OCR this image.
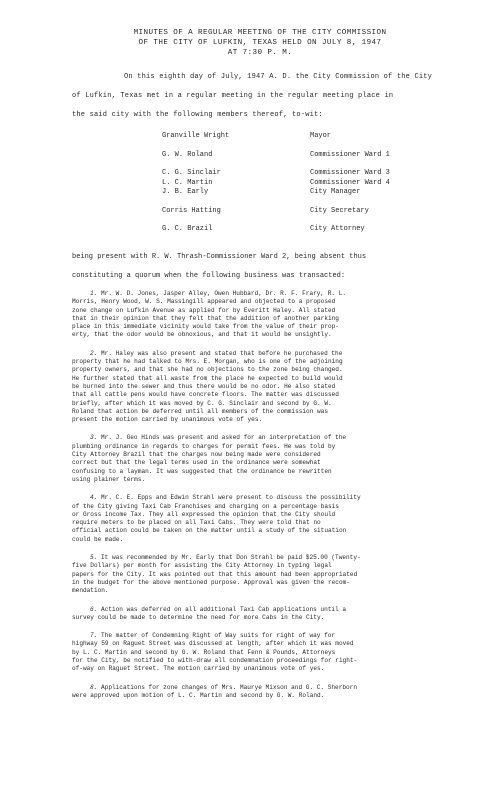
MINUTES OF A REGULAR MEETING OF THE CITY COMMISSION
OF THE CITY OF LUFKIN, TEXAS HELD ON JULY 8, 1947
AT 7:30 P. M.

On this eighth day of July, 1947 A. D. the City Commission of the City

of Lufkin, Texas met in a regular meeting in the regular meeting place in

the said city with the following members thereof, to-wit:

Granville Wright	Mayor
G. W. Roland	Commissioner Ward 1
C. G. Sinclair	Commissioner Ward 3
L. C. Martin	Commissioner Ward 4
J. B. Early	City Manager
Corris Hatting	City Secretary
G. C. Brazil	City Attorney

being present with R. W. Thrash-Commissioner Ward 2, being absent thus

constituting a quorum when the following business was transacted:

1. Mr. W. D. Jones, Jasper Alley, Owen Hubbard, Dr. R. F. Frary, R. L.
Morris, Henry Wood, W. S. Massingill appeared and objected to a proposed
zone change on Lufkin Avenue as applied for by Everitt Haley. All stated
that in their opinion that they felt that the addition of another parking
place in this immediate vicinity would take from the value of their prop-
erty, that the odor would be obnoxious, and that it would be unsightly.
2. Mr. Haley was also present and stated that before he purchased the
property that he had talked to Mrs. E. Morgan, who is one of the adjoining
property owners, and that she had no objections to the zone being changed.
He further stated that all waste from the place he expected to build would
be burned into the sewer and thus there would be no odor. He also stated
that all cattle pens would have concrete floors. The matter was discussed
briefly, after which it was moved by C. G. Sinclair and second by G. W.
Roland that action be deferred until all members of the commission was
present the motion carried by unanimous vote of yes.
3. Mr. J. Geo Hinds was present and asked for an interpretation of the
plumbing ordinance in regards to charges for permit fees. He was told by
City Attorney Brazil that the charges now being made were considered
correct but that the legal terms used in the ordinance were somewhat
confusing to a layman. It was suggested that the ordinance be rewritten
using plainer terms.
4. Mr. C. E. Epps and Edwin Strahl were present to discuss the possibility
of the City giving Taxi Cab Franchises and charging on a percentage basis
or Gross income Tax. They all expressed the opinion that the City should
require meters to be placed on all Taxi Cabs. They were told that no
official action could be taken on the matter until a study of the situation
could be made.
5. It was recommended by Mr. Early that Don Strahl be paid $25.00 (Twenty-
five Dollars) per month for assisting the City Attorney in typing legal
papers for the City. It was pointed out that this amount had been appropriated
in the budget for the above mentioned purpose. Approval was given the recom-
mendation.
6. Action was deferred on all additional Taxi Cab applications until a
survey could be made to determine the need for more Cabs in the City.
7. The matter of Condemning Right of Way suits for right of way for
highway 59 on Raguet Street was discussed at length, after which it was moved
by L. C. Martin and second by G. W. Roland that Fenn & Pounds, Attorneys
for the City, be notified to with-draw all condemnation proceedings for right-
of-way on Raguet Street. The motion carried by unanimous vote of yes.
8. Applications for zone changes of Mrs. Maurye Mixson and G. C. Sherborn
were approved upon motion of L. C. Martin and second by G. W. Roland.
